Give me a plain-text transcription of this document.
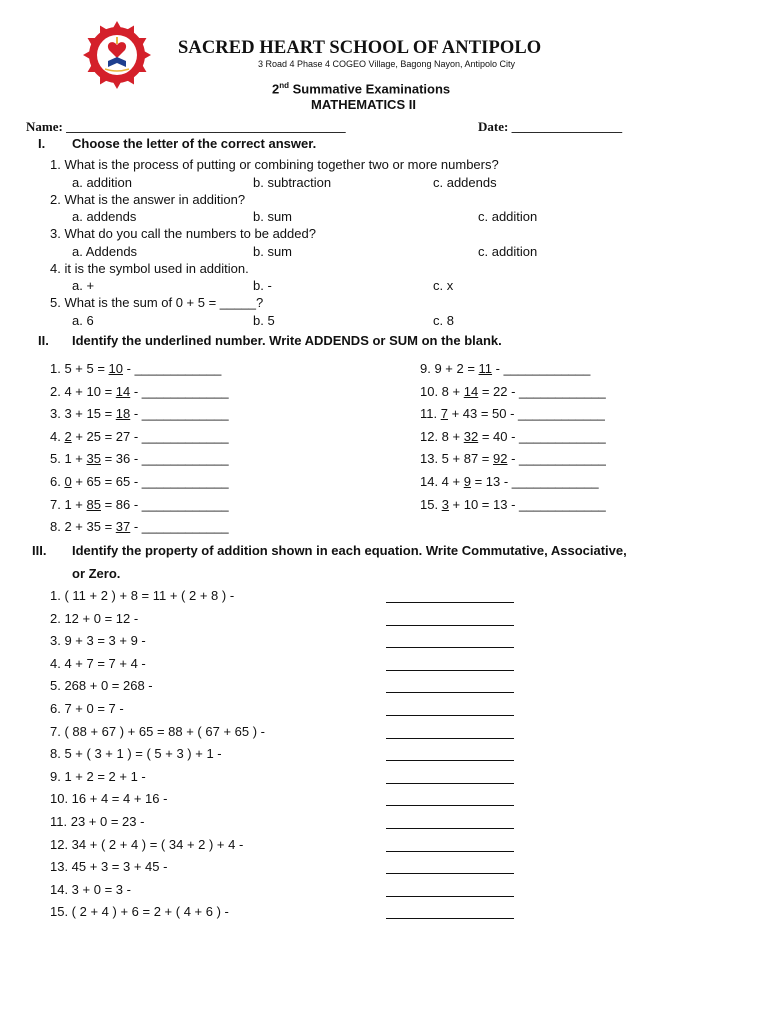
SACRED HEART SCHOOL OF ANTIPOLO
3 Road 4 Phase 4 COGEO Village, Bagong Nayon, Antipolo City
2nd Summative Examinations
MATHEMATICS II
Name: ___________________________________________	Date: _________________
I. Choose the letter of the correct answer.
1. What is the process of putting or combining together two or more numbers?
a. addition	b. subtraction	c. addends
2. What is the answer in addition?
a. addends	b. sum	c. addition
3. What do you call the numbers to be added?
a. Addends	b. sum	c. addition
4. it is the symbol used in addition.
a. +	b. -	c. x
5. What is the sum of 0 + 5 = _____?
a. 6	b. 5	c. 8
II. Identify the underlined number. Write ADDENDS or SUM on the blank.
1. 5 + 5 = 10 - ____________
2. 4 + 10 = 14 - ____________
3. 3 + 15 = 18 - ____________
4. 2 + 25 = 27 - ____________
5. 1 + 35 = 36 - ____________
6. 0 + 65 = 65 - ____________
7. 1 + 85 = 86 - ____________
8. 2 + 35 = 37 - ____________
9. 9 + 2 = 11 - ____________
10. 8 + 14 = 22 - ____________
11. 7 + 43 = 50 - ____________
12. 8 + 32 = 40 - ____________
13. 5 + 87 = 92 - ____________
14. 4 + 9 = 13 - ____________
15. 3 + 10 = 13 - ____________
III. Identify the property of addition shown in each equation. Write Commutative, Associative,
or Zero.
1. ( 11 + 2 ) + 8 = 11 + ( 2 + 8 ) -
2. 12 + 0 = 12 -
3. 9 + 3 = 3 + 9 -
4. 4 + 7 = 7 + 4 -
5. 268 + 0 = 268 -
6. 7 + 0 = 7 -
7. ( 88 + 67 ) + 65 = 88 + ( 67 + 65 ) -
8. 5 + ( 3 + 1 ) = ( 5 + 3 ) + 1 -
9. 1 + 2 = 2 + 1 -
10. 16 + 4 = 4 + 16 -
11. 23 + 0 = 23 -
12. 34 + ( 2 + 4 ) = ( 34 + 2 ) + 4 -
13. 45 + 3 = 3 + 45 -
14. 3 + 0 = 3 -
15. ( 2 + 4 ) + 6 = 2 + ( 4 + 6 ) -
